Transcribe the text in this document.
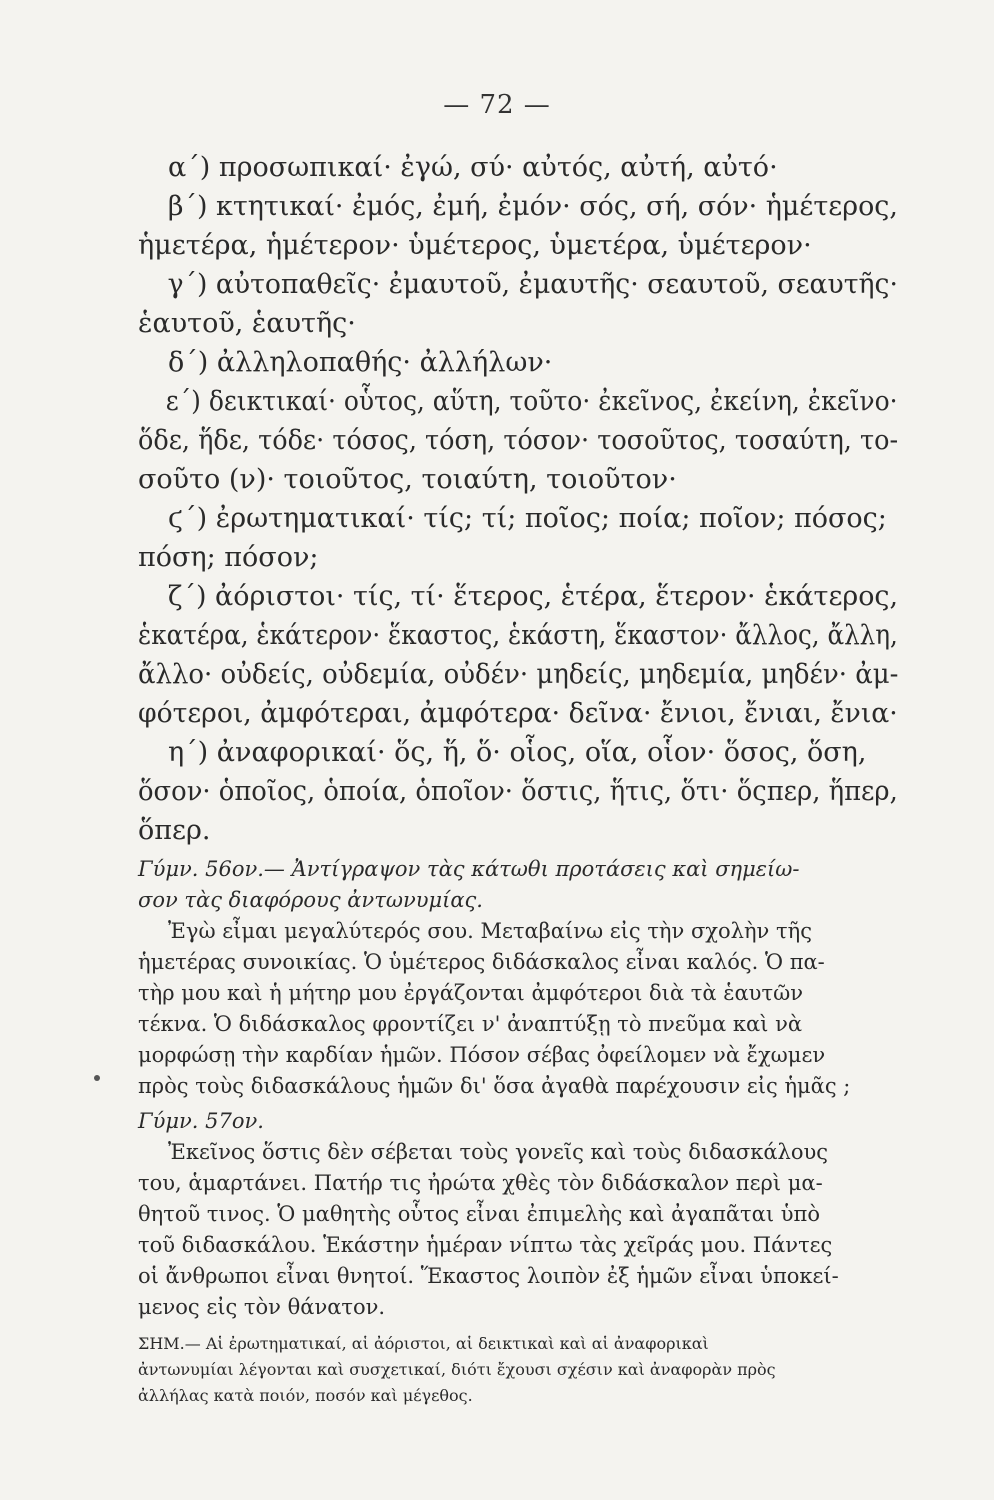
— 72 —
α΄) προσωπικαί· ἐγώ, σύ· αὐτός, αὐτή, αὐτό·
β΄) κτητικαί· ἐμός, ἐμή, ἐμόν· σός, σή, σόν· ἡμέτερος,
ἡμετέρα, ἡμέτερον· ὑμέτερος, ὑμετέρα, ὑμέτερον·
γ΄) αὐτοπαθεῖς· ἐμαυτοῦ, ἐμαυτῆς· σεαυτοῦ, σεαυτῆς·
ἑαυτοῦ, ἑαυτῆς·
δ΄) ἀλληλοπαθής· ἀλλήλων·
ε΄) δεικτικαί· οὗτος, αὕτη, τοῦτο· ἐκεῖνος, ἐκείνη, ἐκεῖνο·
ὅδε, ἥδε, τόδε· τόσος, τόση, τόσον· τοσοῦτος, τοσαύτη, το-
σοῦτο (ν)· τοιοῦτος, τοιαύτη, τοιοῦτον·
ϛ΄) ἐρωτηματικαί· τίς; τί; ποῖος; ποία; ποῖον; πόσος;
πόση; πόσον;
ζ΄) ἀόριστοι· τίς, τί· ἕτερος, ἑτέρα, ἕτερον· ἑκάτερος,
ἑκατέρα, ἑκάτερον· ἕκαστος, ἑκάστη, ἕκαστον· ἄλλος, ἄλλη,
ἄλλο· οὐδείς, οὐδεμία, οὐδέν· μηδείς, μηδεμία, μηδέν· ἀμ-
φότεροι, ἀμφότεραι, ἀμφότερα· δεῖνα· ἔνιοι, ἔνιαι, ἔνια·
η΄) ἀναφορικαί· ὅς, ἥ, ὅ· οἷος, οἵα, οἷον· ὅσος, ὅση,
ὅσον· ὁποῖος, ὁποία, ὁποῖον· ὅστις, ἥτις, ὅτι· ὅςπερ, ἥπερ,
ὅπερ.
Γύμν. 56ον.— Ἀντίγραψον τὰς κάτωθι προτάσεις καὶ σημείω-
σον τὰς διαφόρους ἀντωνυμίας.
Ἐγὼ εἶμαι μεγαλύτερός σου. Μεταβαίνω εἰς τὴν σχολὴν τῆς
ἡμετέρας συνοικίας. Ὁ ὑμέτερος διδάσκαλος εἶναι καλός. Ὁ πα-
τὴρ μου καὶ ἡ μήτηρ μου ἐργάζονται ἀμφότεροι διὰ τὰ ἑαυτῶν
τέκνα. Ὁ διδάσκαλος φροντίζει ν' ἀναπτύξῃ τὸ πνεῦμα καὶ νὰ
μορφώσῃ τὴν καρδίαν ἡμῶν. Πόσον σέβας ὀφείλομεν νὰ ἔχωμεν
πρὸς τοὺς διδασκάλους ἡμῶν δι' ὅσα ἀγαθὰ παρέχουσιν εἰς ἡμᾶς ;
Γύμν. 57ον.
Ἐκεῖνος ὅστις δὲν σέβεται τοὺς γονεῖς καὶ τοὺς διδασκάλους
του, ἁμαρτάνει. Πατήρ τις ἠρώτα χθὲς τὸν διδάσκαλον περὶ μα-
θητοῦ τινος. Ὁ μαθητὴς οὗτος εἶναι ἐπιμελὴς καὶ ἀγαπᾶται ὑπὸ
τοῦ διδασκάλου. Ἑκάστην ἡμέραν νίπτω τὰς χεῖράς μου. Πάντες
οἱ ἄνθρωποι εἶναι θνητοί. Ἕκαστος λοιπὸν ἐξ ἡμῶν εἶναι ὑποκεί-
μενος εἰς τὸν θάνατον.
ΣΗΜ.— Αἱ ἐρωτηματικαί, αἱ ἀόριστοι, αἱ δεικτικαὶ καὶ αἱ ἀναφορικαὶ
ἀντωνυμίαι λέγονται καὶ συσχετικαί, διότι ἔχουσι σχέσιν καὶ ἀναφορὰν πρὸς
ἀλλήλας κατὰ ποιόν, ποσόν καὶ μέγεθος.
